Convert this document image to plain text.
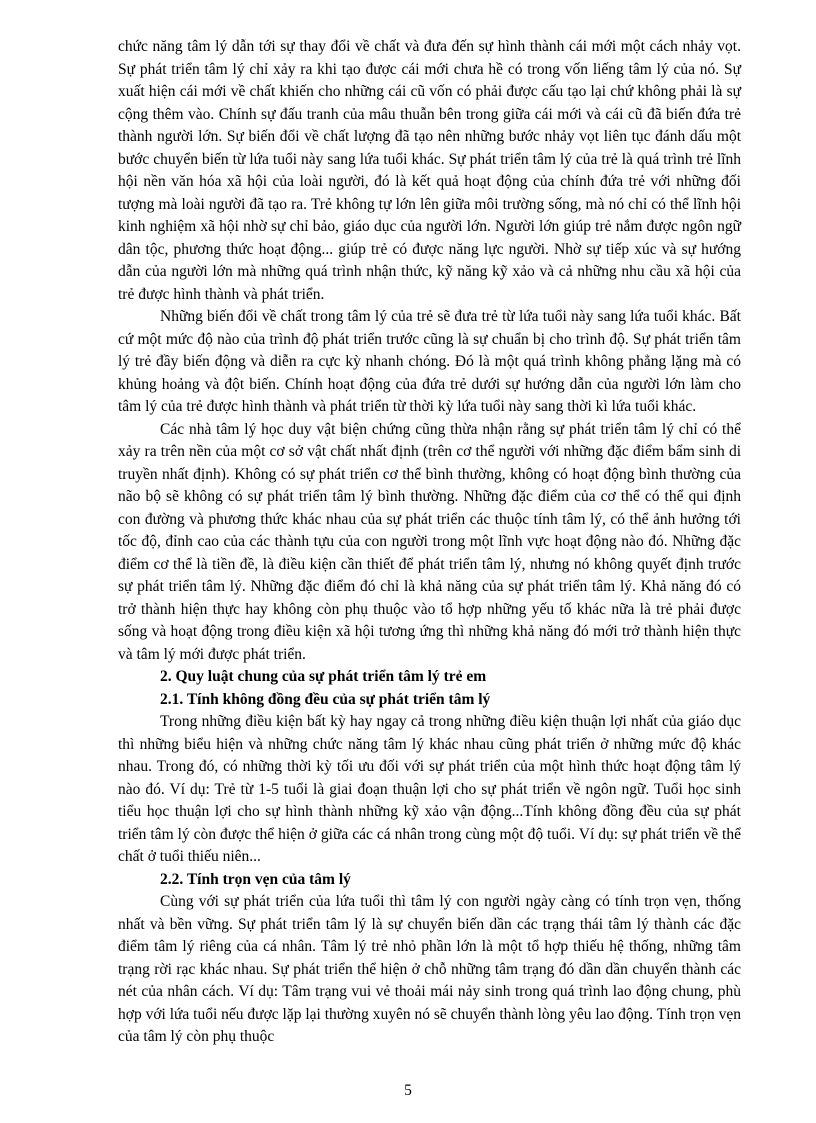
chức năng tâm lý dẫn tới sự thay đổi về chất và đưa đến sự hình thành cái mới một cách nhảy vọt. Sự phát triển tâm lý chỉ xảy ra khi tạo được cái mới chưa hề có trong vốn liếng tâm lý của nó. Sự xuất hiện cái mới về chất khiến cho những cái cũ vốn có phải được cấu tạo lại chứ không phải là sự cộng thêm vào. Chính sự đấu tranh của mâu thuẫn bên trong giữa cái mới và cái cũ đã biến đứa trẻ thành người lớn. Sự biến đổi về chất lượng đã tạo nên những bước nhảy vọt liên tục đánh dấu một bước chuyển biến từ lứa tuổi này sang lứa tuổi khác. Sự phát triển tâm lý của trẻ là quá trình trẻ lĩnh hội nền văn hóa xã hội của loài người, đó là kết quả hoạt động của chính đứa trẻ với những đối tượng mà loài người đã tạo ra. Trẻ không tự lớn lên giữa môi trường sống, mà nó chỉ có thể lĩnh hội kinh nghiệm xã hội nhờ sự chỉ bảo, giáo dục của người lớn. Người lớn giúp trẻ nắm được ngôn ngữ dân tộc, phương thức hoạt động... giúp trẻ có được năng lực người. Nhờ sự tiếp xúc và sự hướng dẫn của người lớn mà những quá trình nhận thức, kỹ năng kỹ xảo và cả những nhu cầu xã hội của trẻ được hình thành và phát triển.

Những biến đổi về chất trong tâm lý của trẻ sẽ đưa trẻ từ lứa tuổi này sang lứa tuổi khác. Bất cứ một mức độ nào của trình độ phát triển trước cũng là sự chuẩn bị cho trình độ. Sự phát triển tâm lý trẻ đầy biến động và diễn ra cực kỳ nhanh chóng. Đó là một quá trình không phẳng lặng mà có khủng hoảng và đột biến. Chính hoạt động của đứa trẻ dưới sự hướng dẫn của người lớn làm cho tâm lý của trẻ được hình thành và phát triển từ thời kỳ lứa tuổi này sang thời kì lứa tuổi khác.

Các nhà tâm lý học duy vật biện chứng cũng thừa nhận rằng sự phát triển tâm lý chỉ có thể xảy ra trên nền của một cơ sở vật chất nhất định (trên cơ thể người với những đặc điểm bẩm sinh di truyền nhất định). Không có sự phát triển cơ thể bình thường, không có hoạt động bình thường của não bộ sẽ không có sự phát triển tâm lý bình thường. Những đặc điểm của cơ thể có thể qui định con đường và phương thức khác nhau của sự phát triển các thuộc tính tâm lý, có thể ảnh hưởng tới tốc độ, đỉnh cao của các thành tựu của con người trong một lĩnh vực hoạt động nào đó. Những đặc điểm cơ thể là tiền đề, là điều kiện cần thiết để phát triển tâm lý, nhưng nó không quyết định trước sự phát triển tâm lý. Những đặc điểm đó chỉ là khả năng của sự phát triển tâm lý. Khả năng đó có trở thành hiện thực hay không còn phụ thuộc vào tổ hợp những yếu tố khác nữa là trẻ phải được sống và hoạt động trong điều kiện xã hội tương ứng thì những khả năng đó mới trở thành hiện thực và tâm lý mới được phát triển.

2. Quy luật chung của sự phát triển tâm lý trẻ em

2.1. Tính không đồng đều của sự phát triển tâm lý

Trong những điều kiện bất kỳ hay ngay cả trong những điều kiện thuận lợi nhất của giáo dục thì những biểu hiện và những chức năng tâm lý khác nhau cũng phát triển ở những mức độ khác nhau. Trong đó, có những thời kỳ tối ưu đối với sự phát triển của một hình thức hoạt động tâm lý nào đó. Ví dụ: Trẻ từ 1-5 tuổi là giai đoạn thuận lợi cho sự phát triển về ngôn ngữ. Tuổi học sinh tiểu học thuận lợi cho sự hình thành những kỹ xảo vận động...Tính không đồng đều của sự phát triển tâm lý còn được thể hiện ở giữa các cá nhân trong cùng một độ tuổi. Ví dụ: sự phát triển về thể chất ở tuổi thiếu niên...

2.2. Tính trọn vẹn của tâm lý

Cùng với sự phát triển của lứa tuổi thì tâm lý con người ngày càng có tính trọn vẹn, thống nhất và bền vững. Sự phát triển tâm lý là sự chuyển biến dần các trạng thái tâm lý thành các đặc điểm tâm lý riêng của cá nhân. Tâm lý trẻ nhỏ phần lớn là một tổ hợp thiếu hệ thống, những tâm trạng rời rạc khác nhau. Sự phát triển thể hiện ở chỗ những tâm trạng đó dần dần chuyển thành các nét của nhân cách. Ví dụ: Tâm trạng vui vẻ thoải mái nảy sinh trong quá trình lao động chung, phù hợp với lứa tuổi nếu được lặp lại thường xuyên nó sẽ chuyển thành lòng yêu lao động. Tính trọn vẹn của tâm lý còn phụ thuộc

5
